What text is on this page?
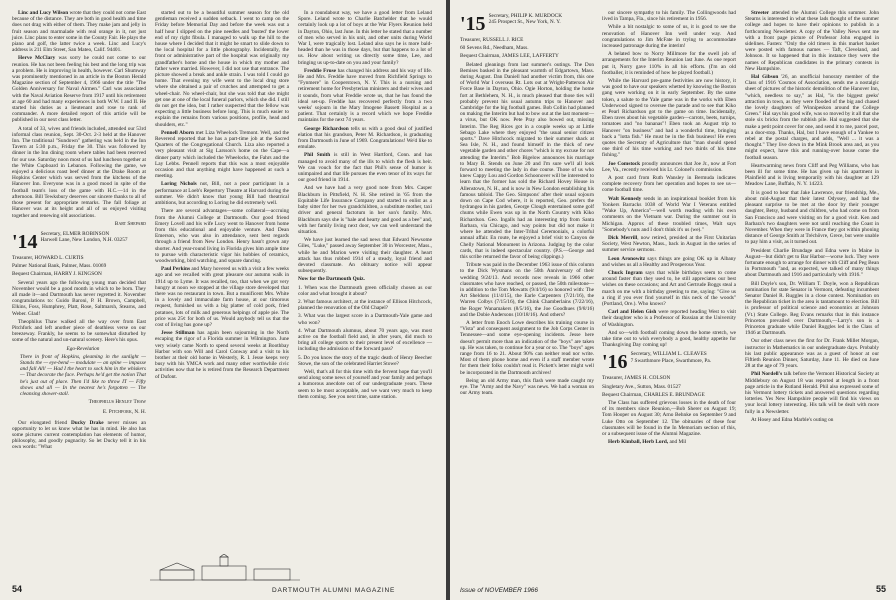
Linc and Lucy Wilson wrote that they could not come East because of the distance. They are both in good health and time does not drag with either of them. They make jam and jelly in fruit season and marmalade with real orange in it, not just juice. Linc plans to enter some in the County Fair. He plays the piano and golf, the latter twice a week. Linc and Lucy's address is 211 Elm Street, San Mateo, Calif. 94401.

Herve McClary was sorry he could not come to our reunion. He has not been feeling his best and the long trip was a problem. He is improving in health, however. Carl Shumway was prominently mentioned in an article in the Boston Herald Magazine section of September 4, 1966 under the title "The Golden Anniversary for Naval Airmen." Carl was associated with the Naval Aviation Reserve from 1917 until his retirement at age 60 and had many experiences in both W.W. I and II. He started his duties as a lieutenant and rose to rank of commander. A more detailed report of this article will be published in our next class letter.

A total of 33, wives and friends included, attended our 53rd informal class reunion, Sept. 30-Oct. 2-3 held at the Hanover Inn. The traditional "Sundown" gathering was held in the Inn Tavern at 5:30 p.m., Friday the 30. This was followed by dinner in the Inn dining room where tables had been reserved for our use. Saturday noon most of us had luncheon together at the White Cupboard in Lebanon. Following the game, we enjoyed a delicious roast beef dinner at the Drake Room at Hopkins Center which was served from the kitchens of the Hanover Inn. Everyone was in a good mood in spite of the football team's loss of the game with H.C.—14 in the afternoon. Bill Tewksbury deserves our sincere thanks to all of those present for appropriate remarks. The fall foliage at Hanover was at its height and all of us enjoyed visiting together and renewing old associations.

Bart Shepard
'14 Secretary, ELMER ROBINSON
Harwell Lane, New London, N.H. 03257
Treasurer, HOWARD L. CURTIS
Palmer National Bank, Palmer, Mass. 01069
Bequest Chairman, HARRY J. KINGSON

Several years ago the following young man decided that November would be a good month in which to be born. They all made it—and Dartmouth has never regretted it. November congratulations to: Guido Baroni, P. H. Brown, Campbell, Elkins, Foss, Humphrey, Platt, Rose, Saltmarsh, Stearns, and Weber. Glad!

Theophilus Thaw walked all the way over from East Pitchfork and left another piece of deathless verse on our breezeway. Frankly, he seems to be somewhat disturbed by some of the natural and un-natural scenery. Here's his opus.

Ego-Revelation
There in front of Hopkins, gleaming in the sunlight — Stands the — eye-bend — modulate — an opine — impasse and fall All! — Had I the heart to sock him in the whiskers — That decorate the face. Perhaps he'd get the notion That he's just out of place. Then I'd like to throw IT — Fifty shows and all — In the nearest he's forgotten — The cleansing shower-stall.
Theophilus Henley Thaw
E. Pitchfork, N. H.

Our elongated friend Ducky Drake never misses an opportunity to let us know what he has in mind. He also has some pictures current contemplation has elements of humor, philosophy, and goodly pugnacity. So let Ducky tell it in his own words: "What

started out to be a beautiful summer season for the old gentleman received a sudden setback. I went to camp on the Friday before Memorial Day and before the week was out a half hour I slipped on the pine needles and 'busted' the lower end of my right fibula. I managed to walk up the hill to the house where I decided that it might be smart to slide down to the local hospital for a little photography. Incidentally, the front or administrative part of the hospital was originally my grandfather's home and the house in which my mother and father were married. However, I did not use that entrance. The picture showed a break and ankle strain. I was told I could go home. That evening my wife went to the local drug store where she obtained a pair of crutches and attempted to get a wheel-chair. No wheel-chair, but she was told that she might get one at one of the local funeral parlors, which she did. I still do not get the idea, but I rather suspected that the fellow was expecting a little business before long. This is much easier to explain the remains from various positions, profile, head and shoulders, etc."

Pennell Aborn met Liza Wheelock Tremont. Well, and the Reverend reported that he has a part-time job at the Sacred Quarters of the Congregational Church. Liza also reported a very pleasant visit at Sig Larsson's home on the Cape—a dinner party which included the Wheelocks, the Fahrs and the Lay Lebbs. Pennell reports that this was a most enjoyable occasion and that anything might have happened at such a meeting.

Loring Nichols not, Bill, not a poor participant in a performance at Loeb's Repertory Theatre at Harvard during the summer. We didn't know that young Bill had theatrical ambitions, but according to Loring he did extremely well.

There are several advantages—some collateral—accruing from the Alumni College at Dartmouth. Our good friend Emery Lovell and his wife Lucy went to Hanover from home from this educational and enjoyable venture. And Dean Emerson, who was also in attendance, sent best regards through a friend from New London. Henry hasn't grown any shorter. And year-round living in Florida gives him ample time to pursue with characteristic vigor his hobbies of ceramics, woodworking, bird watching, and square dancing.

Paul Perkins and Mary hovered us with a visit a few weeks ago and we recalled with great pleasure our autumn walk in 1914 up to Lyme. It was recalled, too, that when we got very hungry at noon we stopped at the village store developed that there was no restaurant in town. But a munificent Mrs. White in a lovely and immaculate farm house, at our timorous request, furnished us with a big platter of cold pork, fried potatoes, lots of milk and generous helpings of apple pie. The price was 25¢ for both of us. Would anybody tell us that the cost of living has gone up?

Jesse Stillman has again been sojourning in the North escaping the rigor of a Florida summer in Wilmington. June very wisely came North to spend several weeks at Boothbay Harbor with son Will and Carol Conway and a visit to his brother at their old home in Westerly, R. I. Jesse keeps very busy with his YMCA work and many other worthwhile civic activities now that he is retired from the Research Department of Dufont.

In a roundabout way, we have a good letter from Leland Spore. Leland wrote to Charlie Batchelder that he would certainly look up a lot of boys at the War Flyers Reunion held in Dayton, Ohio, last June. In this letter he stated that a number of men who served in his unit, and other units during World War I, were tragically lost. Leland also says he is more bald-headed than he was in those days, but that happens to a lot of us. How about writing us directly some time, Lee, and bringing us up-to-date on you and your family?

Freddie Fruse has changed his address and his way of life. He and Mrs. Freddie have moved from Richfield Springs to "Fynmere" in Cooperstown, N. Y. This is a nursing and retirement home for Presbyterian ministers and their wives and it sounds, from what Freddie wrote us, that he has found the ideal set-up. Freddie has recovered perfectly from a two weeks' sojourn in the Mary Imogene Bassett Hospital as a patient. That certainly is a record which we hope Freddie maintains for the next 74 years.

George Richardson tells us with a good deal of justified elation that his grandson, Peter M. Richardson, is graduating from Dartmouth in June of 1969. Congratulations! We'd like to emulate.

Phil Smith is still in West Hartford, Conn. and has managed to avoid many of the ills to which the flesh is heir. We can vouch for the fact that Phil's sense of humor is unimpaired and that life pursues the even tenor of its ways for our good friend in 1914.

And we have had a very good note from Mrs. Casper Blackburn in Pittsfield, N. H. She retired in '65 from the Equitable Life Insurance Company and started to enlist as a baby sitter for her two grandchildren, a substitute mother, taxi driver and general factotum in her son's family. Mrs. Blackburn says she is "hale and hearty and good as a bee" and, with her family living next door, we can well understand the situation.

We have just learned the sad news that Edward Newsome Giles, "Luke," passed away September 30 in Worcester, Mass., while he and Marion were visiting their daughter. A heart attack has thus robbed 1914 of a steady, loyal friend and devoted classmate. An obituary notice will appear subsequently.

Now for the Dartmouth Quiz.

1. When was the Dartmouth green officially chosen as our color and what brought it about?

2. What famous architect, at the instance of Ellison Hitchcock, planned the renovation of the Old Chapel?

3. What was the largest score in a Dartmouth-Yale game and who won?

4. What Dartmouth alumnus, about 70 years ago, was most active on the football field and, in after years, did much to bring all college sports to their present level of excellence — including the admission of the forward pass?

5. Do you know the story of the tragic death of Henry Beecher Stowe, the son of the celebrated Harriet Stowe?

Well, that's all for this time with the fervent hope that you'll send along some news of yourself and your family and perhaps a humorous anecdote out of our undergraduate years. These seem to be most acceptable, and we want very much to keep them coming. See you next time, same station.

54	DARTMOUTH ALUMNI MAGAZINE
'15 Secretary, PHILIP K. MURDOCK
245 Prospect St., New York, N. Y.
Treasurer, RUSSELL J. RICE
60 Sevens Rd., Needham, Mass.
Bequest Chairman, JAMES LEE, LAFFERTY

Belated gleanings from last summer's outings. The Don Bemises basked in the pleasant warmth of Edgartown, Mass. during August. Dan Daniell had another victim from, this one of World War I overseas Rt. Lots out at Wright-Patterson Air Force Base in Dayton, Ohio. Ogie Horton, holding the home fort at Bethlehem, N. H., is much pleased that those ties will probably prevent his usual autumn trips to Hanover and Cambridge for the big football games. Bob Collin had planned on making the Interim but had to bow out at the last moment—a virus, but OK now. Pete Pray also bowed out, missing Interim. The Reg Rices got in a couple weeks up at Little Sebago Lake where they enjoyed "the usual senior citizen sports." Dave Hitchcock migrated to their summer shack at Sea Isle, N. H., and found himself in the thick of new vegetable garden and other chores "which is my excuse for not attending the Interim." Bob Bigelow announces his marriage to Mary B. Stends on June 20 and I'm sure we'll all look forward to meeting the lady in due course. Those of us who knew Cappy Lou and Gordon Schoonover will be interested to learn that the former has sold the Richard Hovey House in Allenstown, N. H., and is now in New London establishing his famous tabloid. The Geo. Simpsons' after their usual sojourn down on Cape Cod where, it is reported, Geo. prefers the hydrangea in his garden, George Clough entertained some golf chums while Ewen was up in the North Country with Kiko Richardson. Geo. Ingalls had an interesting trip from Santa Barbara, via Chicago, and way points but did not make it where he attended the Inter-Tribal Ceremonials, a colorful annual affair. En route, he enjoyed a brief visit to Canyon de Chelly National Monument in Arizona. Judging by the color cards, that is indeed spectacular country. (P.S.—George and this scribe returned the favor of being clippings.)

Tribute was paid in the December 1963 issue of this column to the Dick Wysmans on the 50th Anniversary of their wedding 9/24/13. And records now reveals in 1966 other classmates who have reached, or passed, the 50th milestone—in addition to the Tom Mowatts (9/4/16) so honored with: The Art Sheldons (11/4/15), the Earle Carpenters (7/21/16), the Warren Colbys (7/15/16), the Chink Chamberlains (7/22/16), the Roger Wanamakers (8/5/16), the Joe Goodhues (9/8/16) and the Dobie Andersons (10/18/16). And others?

A letter from Enoch Lowe describes his training course in "Vista" and consequent assignment to the Job Corps Center in Tennessee—and some eye-opening incidents. Jesse here doesn't permit more than an indication of the "boys" are taken up. He was taken, to continue for a year or so. The "boys" ages range from 16 to 21. About 90% can neither read nor write. Most of them phone home and even if a staff member wrote for them their folks couldn't read it. Pickett's letter might well be incorporated in the Dartmouth archives!

Being an old Army man, this flash were made caught my eye. The "Army and the Navy" was news. We had a woman on our Army team.

our sincere sympathy to his family. The Collingwoods had lived in Tampa, Fla., since his retirement in 1956.

While a bit nostalgic to some of us, it is good to see the renovation of Hanover Inn well under way. And congratulations to Jim McFate in trying to accommodate increased patronage during the interim!

A belated bow to Norry Millmore for the swell job of arrangements for the Interim Reunion last June. As one report put it, Norry gave 110% in all his efforts. (I'm an old footballer, it is reminded of how he played football.)

While the Harvard pre-game festivities are now history, it was good to have our speakers whetted by knowing the Boston gang were working on it in early September. By the same token, a salute to the Yale game was in the works with Eben Underwood signed to oversee the parade and to see that Kiko et Pearl Richardson got to the game on time. Incidentally, Eben raves about his vegetable garden—carrots, beets, turnips, tomatoes and "no bananas"! Eben took an August trip to Hanover "on business" and had a wonderful time, bringing back a "lotta fish." He must be in the fish business! He even quotes the Secretary of Agriculture that "man should spend one third of his time working and two thirds of his time fishing."

Joe Comstock proudly announces that Joe Jr., now at Fort Lee, Va., recently received his Lt. Colonel's commission.

A post card from Ruth Wansley in Bermuda indicates complete recovery from her operation and hopes to see us—come football time.

Walt Kennedy sends in an inspirational booklet from his Yonkers Barracks 1038 of World War I Veterans entitled "Wake Up, America"—well worth reading with his own comments on the Vietnam war. During the summer out in Michigan. Approx of these troubled times, Walt says "Somebody's nuts and I don't think it's us (we)."

Dick Merrill, now retired, presided at the First Unitarian Society, West Newton, Mass., back in August in the series of summer service sermons.

Leon Aronowitz says things are going OK up in Albany and wishes us all a Healthy and Prosperous Year.

Chuck Ingram says that while birthdays seem to come around faster than they used to, he still appreciates our best wishes on these occasions; and Art and Gertrude Boggs steal a march on me with a birthday greeting to me, saying: "Give us a ring if you ever find yourself in this neck of the woods" (Portland, Ore.). Who knows?

Carl and Helen Gish were reported heading West to visit their daughter who is a Professor of Russian at the University of Washington.

And so—with football coming down the home stretch, we take time out to wish everybody a good, healthy appetite for Thanksgiving Day coming up!

'16 Secretary, WILLIAM L. CLEAVES
7 Swarthmore Place, Swarthmore, Pa.
Treasurer, JAMES H. COLSON
Singletary Ave., Sutton, Mass. 01527
Bequest Chairman, CHARLES E. BRUNDAGE

The Class has suffered grievous losses in the death of four of its members since Reunion,—Bob Sherer on August 19; Tom Hooper on August 30; Arno Behnke on September 9 and Luke Otto on September 12. The obituaries of these four classmates will be found in the In Memoriam section of this, or a subsequent issue of the Alumni Magazine.

Herb Kimball, Herb Lord, and Mil

Streeter attended the Alumni College this summer. John Stearns is interested in what these lads thought of the summer college and hopes to have their opinions to publish in a forthcoming Newsletter. A copy of the Valley News sent me with a front page picture of Professor John engaged in sidelines. Fasten: "Only the old timers in this market basket were posted with famous names — Taft, Cleveland, and Johnson. It so happened that in this instance they were the names of Republican candidates in the primary contests in New Hampshire.

Hal Gibson '26, an unofficial honorary member of the Class of 1916 'Cosmos of Association, sends me a nostalgic sheet of pictures of the historic demolition of the Hanover Inn, "which, needless to say," as Hal, "is the biggest geeks' attraction in town, as they were flooded of the big and chased the lovely daughters of Winnipeskon around the College Green." Hal says his good wife, was so moved by it all that she stole six bricks from the rubbish pile. Hal suggested that she make a petit point cover for one, and send it to me, parcel post, as a door-stop. Thanks, Hal, but I have enough of a Yankee to rebel at the postal charges, and adds, "Well ... it was a thought." They live down in the Mink Brook area and, as you might expect, have this and running-over house come the football season.

Heartwarming news from Cliff and Peg Williams, who has been ill for some time. He has given up his apartment in Plainfield and is living temporarily with his daughter at 129 Meadow Lane, Buffalo, N. Y. 14223.

It is good to hear that Jake Lawrence, our friendship, Me., about mid-August that their latest Odyssey, and had the pleasant surprise to be met at the door by their younger daughter, Betsy, husband and children, who had come on from San Francisco and were visiting on for a good visit. Ken and Barbara's two daughters were not until reaching the Coast in November. When they were in France they got within phoning distance of George Smith at Tréchôvre, Grece, but were unable to pay him a visit, as it turned out.

President Charlie Brundage and Edna were in Maine in August—but didn't get to Bar Harbor—worse luck. They were fortunate enough to arrange for dinner with Cliff and Peg Bean in Portsmouth "and, as expected, we talked of many things about Dartmouth and 1916 and particularly with 1916."

Bill Doyle's son, Dr. William T. Doyle, won a Republican nomination for state Senator in Vermont, defeating incumbent Senator Daniel R. Ruggles in a close contest. Nomination on the Republican ticket in the area is tantamount to election. Bill is professor of political science and economics at Johnson (Vt.) State College. Reg Evans remarks that in this instance Princeton prevailed over Dartmouth,—Larry's son is a Princeton graduate while Daniel Ruggles led is the Class of 1946 at Dartmouth.

Our other class news the first for Dr. Frank Millet Morgan, instructor in Mathematics in our undergraduate days. Probably his last public appearance was as a guest of honor at our Fiftieth Reunion Dinner, Saturday, June 11. He died on June 28 at the age of 79 years.

Phil Nordell's talk before the Vermont Historical Society at Middlebury on August 18 was reported at length in a front page article in the Rutland Herald. Phil also expressed some of his Vermont lottery tickets and answered questions regarding lotteries. Yes New Hampshire people will find his views on your local lottery interesting. His talk will be dealt with more fully in a Newsletter.

At Hosey and Edna Marble's outing on

Issue of NOVEMBER 1966	55
